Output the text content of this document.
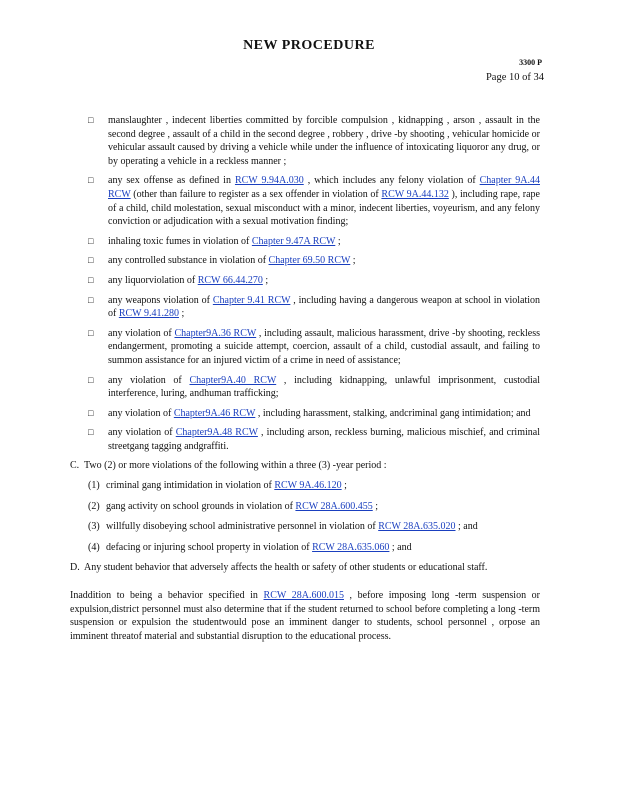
NEW PROCEDURE
3300 P
Page 10 of 34
□ manslaughter , indecent liberties committed by forcible compulsion , kidnapping , arson , assault in the second degree , assault of a child in the second degree , robbery , drive -by shooting , vehicular homicide or vehicular assault caused by driving a vehicle while under the influence of intoxicating liquoror any drug, or by operating a vehicle in a reckless manner ;
□ any sex offense as defined in RCW 9.94A.030 , which includes any felony violation of Chapter 9A.44 RCW (other than failure to register as a sex offender in violation of RCW 9A.44.132 ), including rape, rape of a child, child molestation, sexual misconduct with a minor, indecent liberties, voyeurism, and any felony conviction or adjudication with a sexual motivation finding;
□ inhaling toxic fumes in violation of Chapter 9.47A RCW ;
□ any controlled substance in violation of Chapter 69.50 RCW ;
□ any liquorviolation of RCW 66.44.270 ;
□ any weapons violation of Chapter 9.41 RCW , including having a dangerous weapon at school in violation of RCW 9.41.280 ;
□ any violation of Chapter9A.36 RCW , including assault, malicious harassment, drive -by shooting, reckless endangerment, promoting a suicide attempt, coercion, assault of a child, custodial assault, and failing to summon assistance for an injured victim of a crime in need of assistance;
□ any violation of Chapter9A.40 RCW , including kidnapping, unlawful imprisonment, custodial interference, luring, andhuman trafficking;
□ any violation of Chapter9A.46 RCW , including harassment, stalking, andcriminal gang intimidation; and
□ any violation of Chapter9A.48 RCW , including arson, reckless burning, malicious mischief, and criminal streetgang tagging andgraffiti.
C. Two (2) or more violations of the following within a three (3) -year period :
(1) criminal gang intimidation in violation of RCW 9A.46.120 ;
(2) gang activity on school grounds in violation of RCW 28A.600.455 ;
(3) willfully disobeying school administrative personnel in violation of RCW 28A.635.020 ; and
(4) defacing or injuring school property in violation of RCW 28A.635.060 ; and
D. Any student behavior that adversely affects the health or safety of other students or educational staff.
Inaddition to being a behavior specified in RCW 28A.600.015 , before imposing long -term suspension or expulsion,district personnel must also determine that if the student returned to school before completing a long -term suspension or expulsion the studentwould pose an imminent danger to students, school personnel , orpose an imminent threatof material and substantial disruption to the educational process.
